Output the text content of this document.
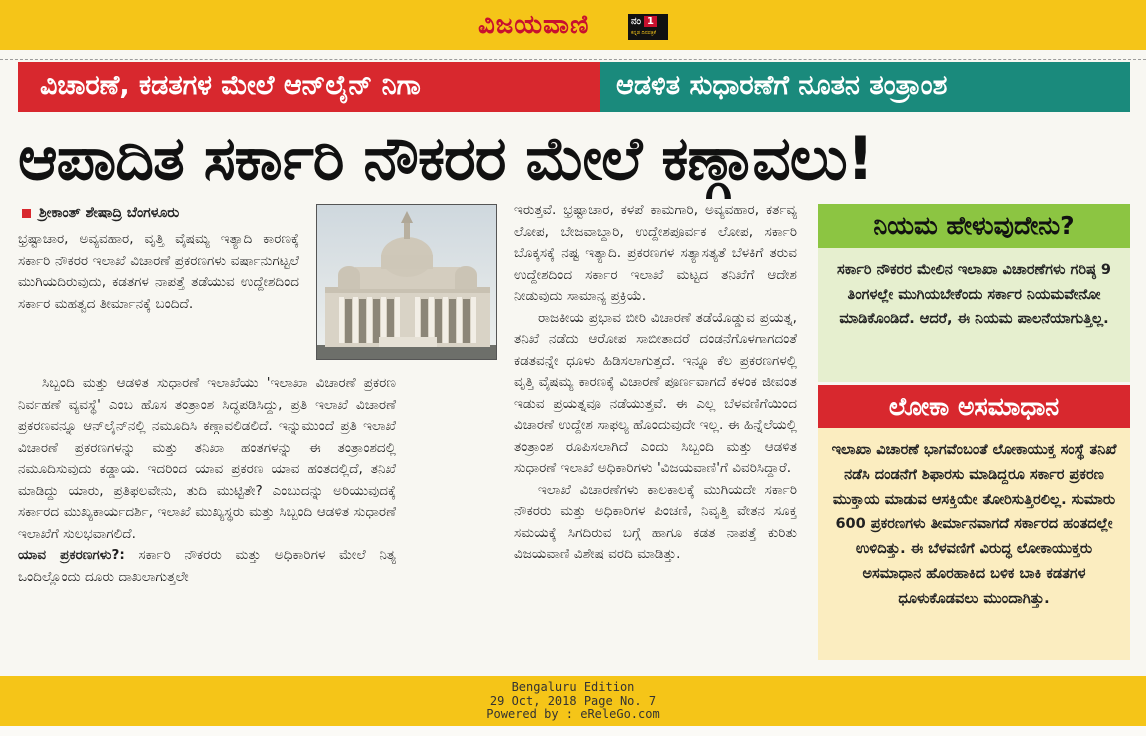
ವಿಜಯವಾಣಿ	ನಂ 1
ಕನ್ನಡ ದಿನಪತ್ರಿಕೆ
ವಿಚಾರಣೆ, ಕಡತಗಳ ಮೇಲೆ ಆನ್‌ಲೈನ್ ನಿಗಾ	ಆಡಳಿತ ಸುಧಾರಣೆಗೆ ನೂತನ ತಂತ್ರಾಂಶ
ಆಪಾದಿತ ಸರ್ಕಾರಿ ನೌಕರರ ಮೇಲೆ ಕಣ್ಗಾವಲು!
ಶ್ರೀಕಾಂತ್ ಶೇಷಾದ್ರಿ ಬೆಂಗಳೂರು

ಭ್ರಷ್ಟಾಚಾರ, ಅವ್ಯವಹಾರ, ವೃತ್ತಿ ವೈಷಮ್ಯ ಇತ್ಯಾದಿ ಕಾರಣಕ್ಕೆ ಸರ್ಕಾರಿ ನೌಕರರ ಇಲಾಖೆ ವಿಚಾರಣೆ ಪ್ರಕರಣಗಳು ವರ್ಷಾನುಗಟ್ಟಲೆ ಮುಗಿಯದಿರುವುದು, ಕಡತಗಳ ನಾಪತ್ತೆ ತಡೆಯುವ ಉದ್ದೇಶದಿಂದ ಸರ್ಕಾರ ಮಹತ್ವದ ತೀರ್ಮಾನಕ್ಕೆ ಬಂದಿದೆ.

ಸಿಬ್ಬಂದಿ ಮತ್ತು ಆಡಳಿತ ಸುಧಾರಣೆ ಇಲಾಖೆಯು 'ಇಲಾಖಾ ವಿಚಾರಣೆ ಪ್ರಕರಣ ನಿರ್ವಹಣೆ ವ್ಯವಸ್ಥೆ' ಎಂಬ ಹೊಸ ತಂತ್ರಾಂಶ ಸಿದ್ಧಪಡಿಸಿದ್ದು, ಪ್ರತಿ ಇಲಾಖೆ ವಿಚಾರಣೆ ಪ್ರಕರಣವನ್ನೂ ಆನ್‌ಲೈನ್‌ನಲ್ಲಿ ನಮೂದಿಸಿ ಕಣ್ಗಾವಲಿಡಲಿದೆ. ಇನ್ನುಮುಂದೆ ಪ್ರತಿ ಇಲಾಖೆ ವಿಚಾರಣೆ ಪ್ರಕರಣಗಳನ್ನು ಮತ್ತು ತನಿಖಾ ಹಂತಗಳನ್ನು ಈ ತಂತ್ರಾಂಶದಲ್ಲಿ ನಮೂದಿಸುವುದು ಕಡ್ಡಾಯ. ಇದರಿಂದ ಯಾವ ಪ್ರಕರಣ ಯಾವ ಹಂತದಲ್ಲಿದೆ, ತನಿಖೆ ಮಾಡಿದ್ದು ಯಾರು, ಪ್ರತಿಫಲವೇನು, ತುದಿ ಮುಟ್ಟಿತೇ? ಎಂಬುದನ್ನು ಅರಿಯುವುದಕ್ಕೆ ಸರ್ಕಾರದ ಮುಖ್ಯಕಾರ್ಯದರ್ಶಿ, ಇಲಾಖೆ ಮುಖ್ಯಸ್ಥರು ಮತ್ತು ಸಿಬ್ಬಂದಿ ಆಡಳಿತ ಸುಧಾರಣೆ ಇಲಾಖೆಗೆ ಸುಲಭವಾಗಲಿದೆ.

ಯಾವ ಪ್ರಕರಣಗಳು?: ಸರ್ಕಾರಿ ನೌಕರರು ಮತ್ತು ಅಧಿಕಾರಿಗಳ ಮೇಲೆ ನಿತ್ಯ ಒಂದಿಲ್ಲೊಂದು ದೂರು ದಾಖಲಾಗುತ್ತಲೇ

ಇರುತ್ತವೆ. ಭ್ರಷ್ಟಾಚಾರ, ಕಳಪೆ ಕಾಮಗಾರಿ, ಅವ್ಯವಹಾರ, ಕರ್ತವ್ಯ ಲೋಪ, ಬೇಜವಾಬ್ದಾರಿ, ಉದ್ದೇಶಪೂರ್ವಕ ಲೋಪ, ಸರ್ಕಾರಿ ಬೊಕ್ಕಸಕ್ಕೆ ನಷ್ಟ ಇತ್ಯಾದಿ. ಪ್ರಕರಣಗಳ ಸತ್ಯಾಸತ್ಯತೆ ಬೆಳಕಿಗೆ ತರುವ ಉದ್ದೇಶದಿಂದ ಸರ್ಕಾರ ಇಲಾಖೆ ಮಟ್ಟದ ತನಿಖೆಗೆ ಆದೇಶ ನೀಡುವುದು ಸಾಮಾನ್ಯ ಪ್ರಕ್ರಿಯೆ.

ರಾಜಕೀಯ ಪ್ರಭಾವ ಬೀರಿ ವಿಚಾರಣೆ ತಡೆಯೊಡ್ಡುವ ಪ್ರಯತ್ನ, ತನಿಖೆ ನಡೆದು ಆರೋಪ ಸಾಬೀತಾದರೆ ದಂಡನೆಗೊಳಗಾಗದಂತೆ ಕಡತವನ್ನೇ ಧೂಳು ಹಿಡಿಸಲಾಗುತ್ತದೆ. ಇನ್ನೂ ಕೆಲ ಪ್ರಕರಣಗಳಲ್ಲಿ ವೃತ್ತಿ ವೈಷಮ್ಯ ಕಾರಣಕ್ಕೆ ವಿಚಾರಣೆ ಪೂರ್ಣವಾಗದೆ ಕಳಂಕ ಜೀವಂತ ಇಡುವ ಪ್ರಯತ್ನವೂ ನಡೆಯುತ್ತವೆ. ಈ ಎಲ್ಲ ಬೆಳವಣಿಗೆಯಿಂದ ವಿಚಾರಣೆ ಉದ್ದೇಶ ಸಾಫಲ್ಯ ಹೊಂದುವುದೇ ಇಲ್ಲ. ಈ ಹಿನ್ನೆಲೆಯಲ್ಲಿ ತಂತ್ರಾಂಶ ರೂಪಿಸಲಾಗಿದೆ ಎಂದು ಸಿಬ್ಬಂದಿ ಮತ್ತು ಆಡಳಿತ ಸುಧಾರಣೆ ಇಲಾಖೆ ಅಧಿಕಾರಿಗಳು 'ವಿಜಯವಾಣಿ'ಗೆ ವಿವರಿಸಿದ್ದಾರೆ.

ಇಲಾಖೆ ವಿಚಾರಣೆಗಳು ಕಾಲಕಾಲಕ್ಕೆ ಮುಗಿಯದೇ ಸರ್ಕಾರಿ ನೌಕರರು ಮತ್ತು ಅಧಿಕಾರಿಗಳ ಪಿಂಚಣಿ, ನಿವೃತ್ತಿ ವೇತನ ಸೂಕ್ತ ಸಮಯಕ್ಕೆ ಸಿಗದಿರುವ ಬಗ್ಗೆ ಹಾಗೂ ಕಡತ ನಾಪತ್ತೆ ಕುರಿತು ವಿಜಯವಾಣಿ ವಿಶೇಷ ವರದಿ ಮಾಡಿತ್ತು.

ನಿಯಮ ಹೇಳುವುದೇನು?
ಸರ್ಕಾರಿ ನೌಕರರ ಮೇಲಿನ ಇಲಾಖಾ ವಿಚಾರಣೆಗಳು ಗರಿಷ್ಠ 9 ತಿಂಗಳಲ್ಲೇ ಮುಗಿಯಬೇಕೆಂದು ಸರ್ಕಾರ ನಿಯಮವೇನೋ ಮಾಡಿಕೊಂಡಿದೆ. ಆದರೆ, ಈ ನಿಯಮ ಪಾಲನೆಯಾಗುತ್ತಿಲ್ಲ.
ಲೋಕಾ ಅಸಮಾಧಾನ
ಇಲಾಖಾ ವಿಚಾರಣೆ ಭಾಗವೆಂಬಂತೆ ಲೋಕಾಯುಕ್ತ ಸಂಸ್ಥೆ ತನಿಖೆ ನಡೆಸಿ ದಂಡನೆಗೆ ಶಿಫಾರಸು ಮಾಡಿದ್ದರೂ ಸರ್ಕಾರ ಪ್ರಕರಣ ಮುಕ್ತಾಯ ಮಾಡುವ ಆಸಕ್ತಿಯೇ ತೋರಿಸುತ್ತಿರಲಿಲ್ಲ. ಸುಮಾರು 600 ಪ್ರಕರಣಗಳು ತೀರ್ಮಾನವಾಗದೆ ಸರ್ಕಾರದ ಹಂತದಲ್ಲೇ ಉಳಿದಿತ್ತು. ಈ ಬೆಳವಣಿಗೆ ವಿರುದ್ಧ ಲೋಕಾಯುಕ್ತರು ಅಸಮಾಧಾನ ಹೊರಹಾಕಿದ ಬಳಿಕ ಬಾಕಿ ಕಡತಗಳ ಧೂಳುಕೊಡವಲು ಮುಂದಾಗಿತ್ತು.
Bengaluru Edition
29 Oct, 2018 Page No. 7
Powered by : eReleGo.com
